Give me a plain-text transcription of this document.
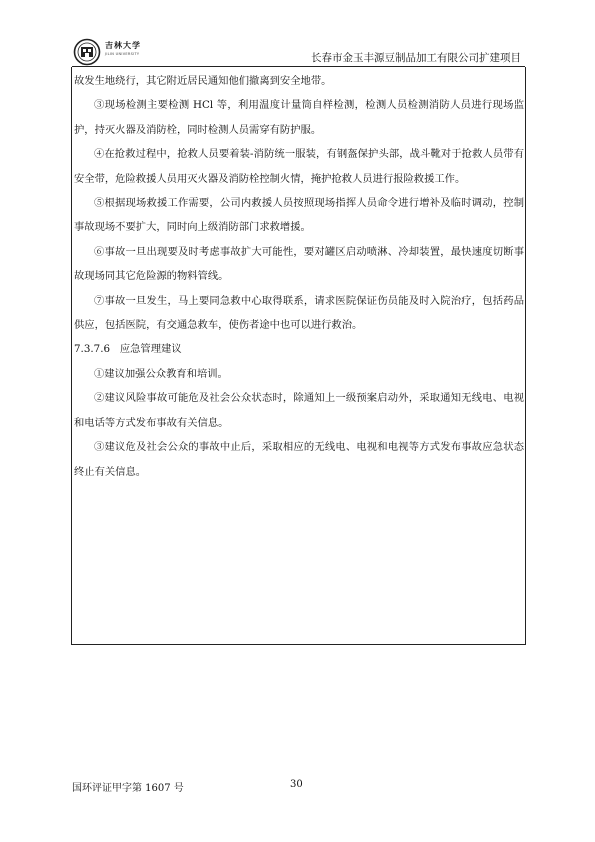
吉林大学
JILIN UNIVERSITY	长春市金玉丰源豆制品加工有限公司扩建项目

故发生地绕行，其它附近居民通知他们撤离到安全地带。

③现场检测主要检测 HCl 等，利用温度计量筒自样检测，检测人员检测消防人员进行现场监护，持灭火器及消防栓，同时检测人员需穿有防护服。

④在抢救过程中，抢救人员要着装-消防统一服装，有钢盔保护头部，战斗靴对于抢救人员带有安全带，危险救援人员用灭火器及消防栓控制火情，掩护抢救人员进行报险救援工作。

⑤根据现场救援工作需要，公司内救援人员按照现场指挥人员命令进行增补及临时调动，控制事故现场不要扩大，同时向上级消防部门求救增援。

⑥事故一旦出现要及时考虑事故扩大可能性，要对罐区启动喷淋、冷却装置，最快速度切断事故现场同其它危险源的物料管线。

⑦事故一旦发生，马上要同急救中心取得联系，请求医院保证伤员能及时入院治疗，包括药品供应，包括医院，有交通急救车，使伤者途中也可以进行救治。

7.3.7.6   应急管理建议

①建议加强公众教育和培训。

②建议风险事故可能危及社会公众状态时，除通知上一级预案启动外，采取通知无线电、电视和电话等方式发布事故有关信息。

③建议危及社会公众的事故中止后，采取相应的无线电、电视和电视等方式发布事故应急状态终止有关信息。

国环评证甲字第 1607 号	30
